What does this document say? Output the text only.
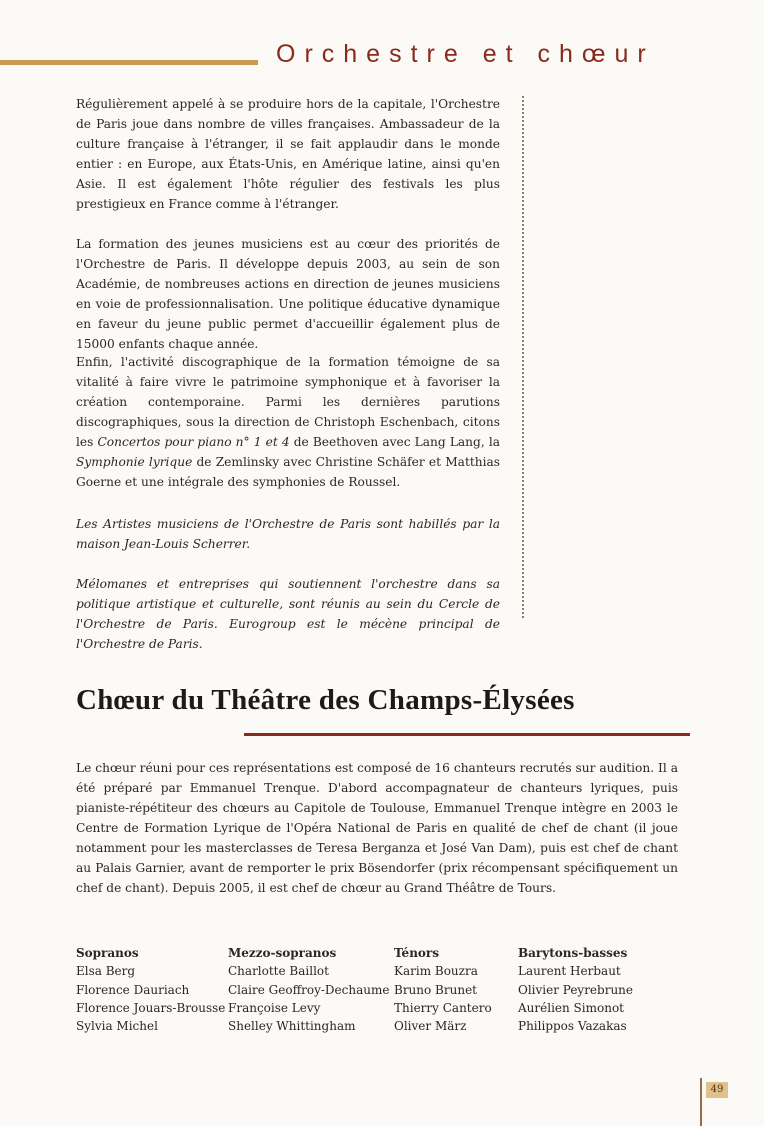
Orchestre et chœur

Régulièrement appelé à se produire hors de la capitale, l'Orchestre de Paris joue dans nombre de villes françaises. Ambassadeur de la culture française à l'étranger, il se fait applaudir dans le monde entier : en Europe, aux États-Unis, en Amérique latine, ainsi qu'en Asie. Il est également l'hôte régulier des festivals les plus prestigieux en France comme à l'étranger.

La formation des jeunes musiciens est au cœur des priorités de l'Orchestre de Paris. Il développe depuis 2003, au sein de son Académie, de nombreuses actions en direction de jeunes musiciens en voie de professionnalisation. Une politique éducative dynamique en faveur du jeune public permet d'accueillir également plus de 15000 enfants chaque année.

Enfin, l'activité discographique de la formation témoigne de sa vitalité à faire vivre le patrimoine symphonique et à favoriser la création contemporaine. Parmi les dernières parutions discographiques, sous la direction de Christoph Eschenbach, citons les Concertos pour piano n° 1 et 4 de Beethoven avec Lang Lang, la Symphonie lyrique de Zemlinsky avec Christine Schäfer et Matthias Goerne et une intégrale des symphonies de Roussel.

Les Artistes musiciens de l'Orchestre de Paris sont habillés par la maison Jean-Louis Scherrer.

Mélomanes et entreprises qui soutiennent l'orchestre dans sa politique artistique et culturelle, sont réunis au sein du Cercle de l'Orchestre de Paris. Eurogroup est le mécène principal de l'Orchestre de Paris.

Chœur du Théâtre des Champs-Élysées

Le chœur réuni pour ces représentations est composé de 16 chanteurs recrutés sur audition. Il a été préparé par Emmanuel Trenque. D'abord accompagnateur de chanteurs lyriques, puis pianiste-répétiteur des chœurs au Capitole de Toulouse, Emmanuel Trenque intègre en 2003 le Centre de Formation Lyrique de l'Opéra National de Paris en qualité de chef de chant (il joue notamment pour les masterclasses de Teresa Berganza et José Van Dam), puis est chef de chant au Palais Garnier, avant de remporter le prix Bösendorfer (prix récompensant spécifiquement un chef de chant). Depuis 2005, il est chef de chœur au Grand Théâtre de Tours.

Sopranos
Elsa Berg
Florence Dauriach
Florence Jouars-Brousse
Sylvia Michel
Mezzo-sopranos
Charlotte Baillot
Claire Geoffroy-Dechaume
Françoise Levy
Shelley Whittingham
Ténors
Karim Bouzra
Bruno Brunet
Thierry Cantero
Oliver März
Barytons-basses
Laurent Herbaut
Olivier Peyrebrune
Aurélien Simonot
Philippos Vazakas
49
